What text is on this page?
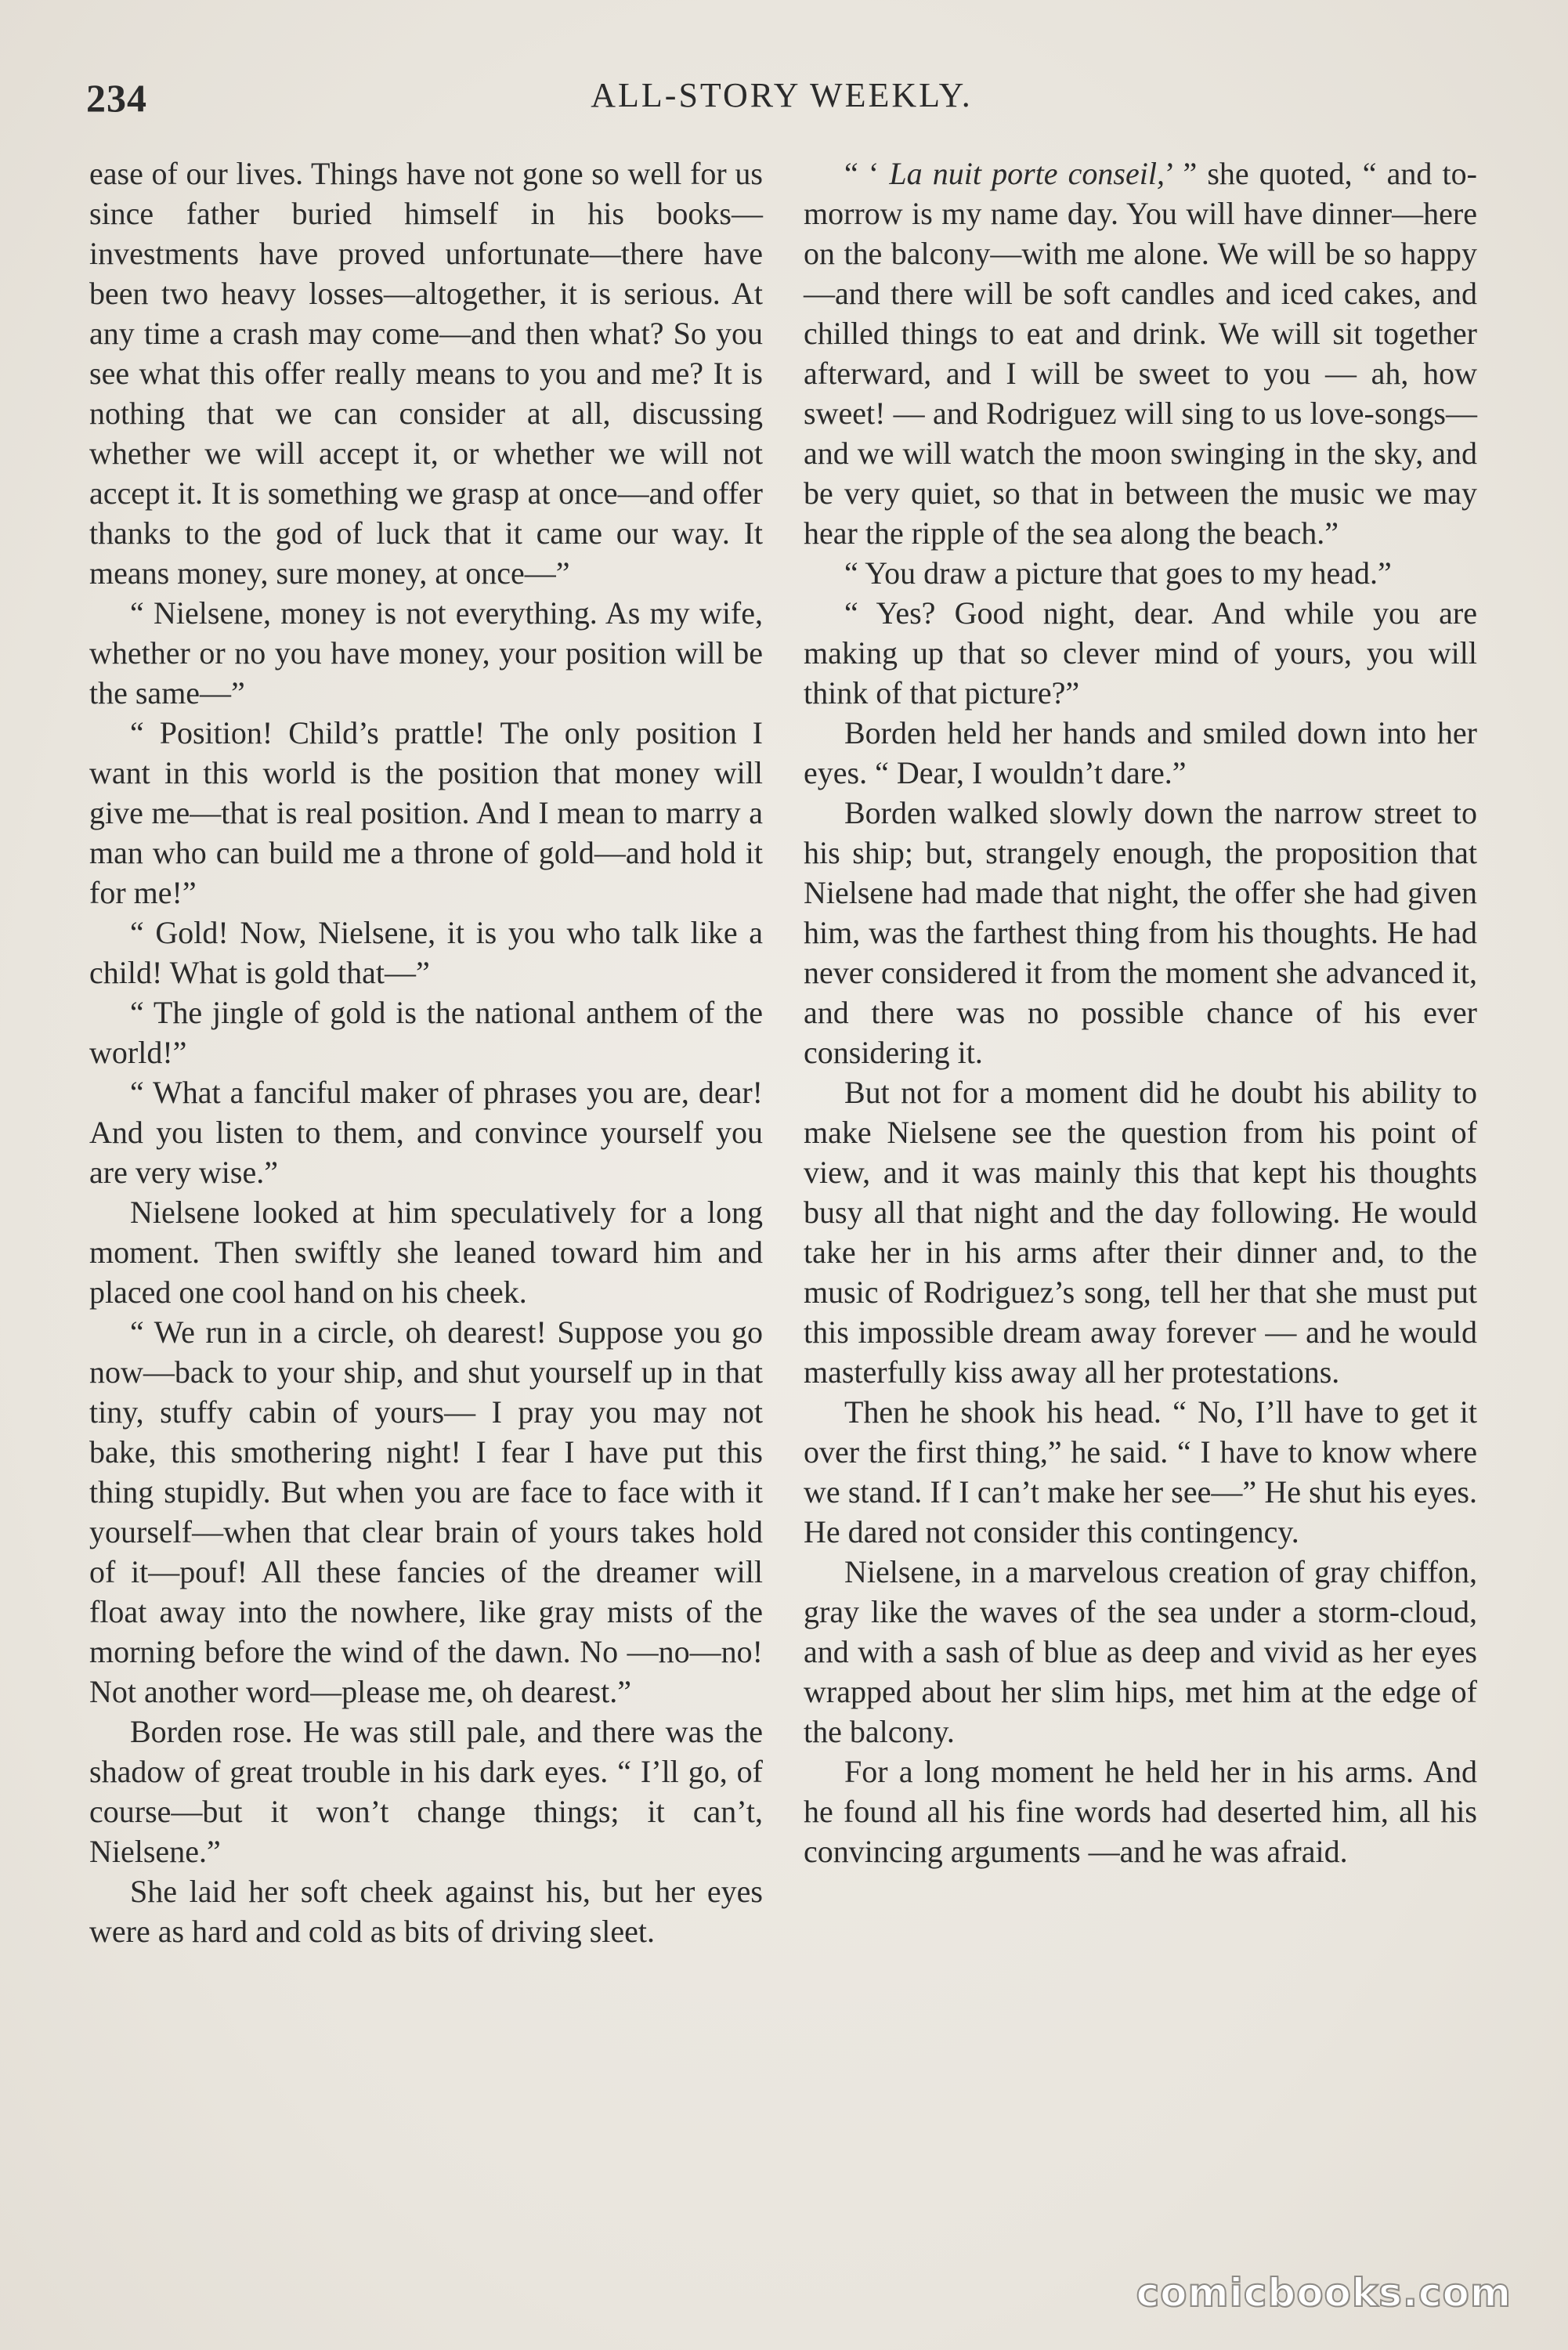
234	ALL-STORY WEEKLY.

ease of our lives. Things have not gone so well for us since father buried himself in his books—investments have proved unfortunate—there have been two heavy losses—altogether, it is serious. At any time a crash may come—and then what? So you see what this offer really means to you and me? It is nothing that we can consider at all, discussing whether we will accept it, or whether we will not accept it. It is something we grasp at once—and offer thanks to the god of luck that it came our way. It means money, sure money, at once—”

“ Nielsene, money is not everything. As my wife, whether or no you have money, your position will be the same—”

“ Position! Child’s prattle! The only position I want in this world is the position that money will give me—that is real position. And I mean to marry a man who can build me a throne of gold—and hold it for me!”

“ Gold! Now, Nielsene, it is you who talk like a child! What is gold that—”

“ The jingle of gold is the national anthem of the world!”

“ What a fanciful maker of phrases you are, dear! And you listen to them, and convince yourself you are very wise.”

Nielsene looked at him speculatively for a long moment. Then swiftly she leaned toward him and placed one cool hand on his cheek.

“ We run in a circle, oh dearest! Suppose you go now—back to your ship, and shut yourself up in that tiny, stuffy cabin of yours— I pray you may not bake, this smothering night! I fear I have put this thing stupidly. But when you are face to face with it yourself—when that clear brain of yours takes hold of it—pouf! All these fancies of the dreamer will float away into the nowhere, like gray mists of the morning before the wind of the dawn. No —no—no! Not another word—please me, oh dearest.”

Borden rose. He was still pale, and there was the shadow of great trouble in his dark eyes. “ I’ll go, of course—but it won’t change things; it can’t, Nielsene.”

She laid her soft cheek against his, but her eyes were as hard and cold as bits of driving sleet.

“ ‘ La nuit porte conseil,’ ” she quoted, “ and to-morrow is my name day. You will have dinner—here on the balcony—with me alone. We will be so happy—and there will be soft candles and iced cakes, and chilled things to eat and drink. We will sit together afterward, and I will be sweet to you — ah, how sweet! — and Rodriguez will sing to us love-songs—and we will watch the moon swinging in the sky, and be very quiet, so that in between the music we may hear the ripple of the sea along the beach.”

“ You draw a picture that goes to my head.”

“ Yes? Good night, dear. And while you are making up that so clever mind of yours, you will think of that picture?”

Borden held her hands and smiled down into her eyes. “ Dear, I wouldn’t dare.”

Borden walked slowly down the narrow street to his ship; but, strangely enough, the proposition that Nielsene had made that night, the offer she had given him, was the farthest thing from his thoughts. He had never considered it from the moment she advanced it, and there was no possible chance of his ever considering it.

But not for a moment did he doubt his ability to make Nielsene see the question from his point of view, and it was mainly this that kept his thoughts busy all that night and the day following. He would take her in his arms after their dinner and, to the music of Rodriguez’s song, tell her that she must put this impossible dream away forever — and he would masterfully kiss away all her protestations.

Then he shook his head. “ No, I’ll have to get it over the first thing,” he said. “ I have to know where we stand. If I can’t make her see—” He shut his eyes. He dared not consider this contingency.

Nielsene, in a marvelous creation of gray chiffon, gray like the waves of the sea under a storm-cloud, and with a sash of blue as deep and vivid as her eyes wrapped about her slim hips, met him at the edge of the balcony.

For a long moment he held her in his arms. And he found all his fine words had deserted him, all his convincing arguments —and he was afraid.

comicbooks.com
